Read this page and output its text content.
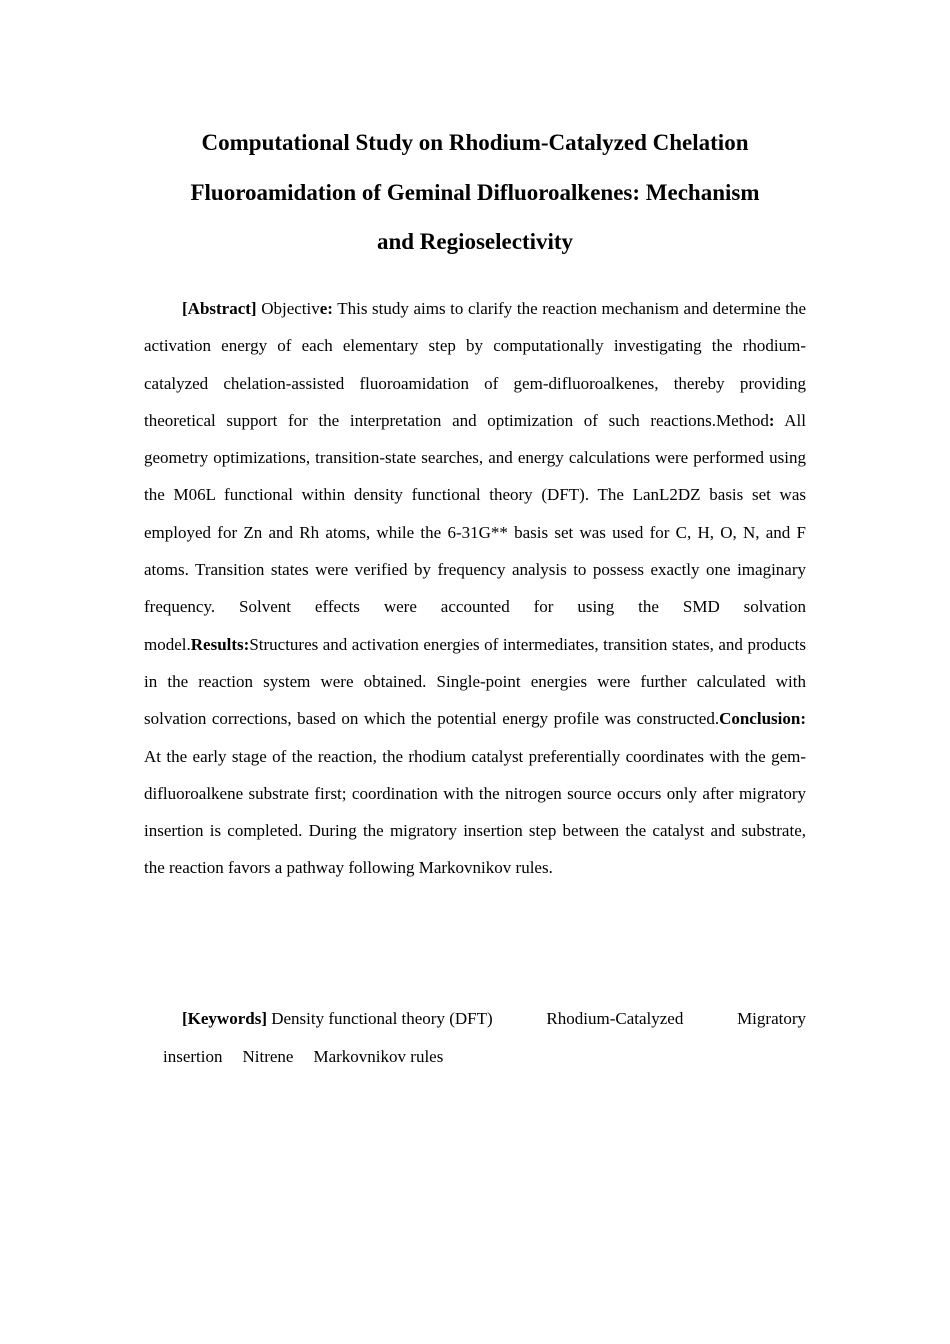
Computational Study on Rhodium-Catalyzed Chelation
Fluoroamidation of Geminal Difluoroalkenes: Mechanism
and Regioselectivity

[Abstract] Objective: This study aims to clarify the reaction mechanism and determine the activation energy of each elementary step by computationally investigating the rhodium-catalyzed chelation-assisted fluoroamidation of gem-difluoroalkenes, thereby providing theoretical support for the interpretation and optimization of such reactions.Method: All geometry optimizations, transition-state searches, and energy calculations were performed using the M06L functional within density functional theory (DFT). The LanL2DZ basis set was employed for Zn and Rh atoms, while the 6-31G** basis set was used for C, H, O, N, and F atoms. Transition states were verified by frequency analysis to possess exactly one imaginary frequency. Solvent effects were accounted for using the SMD solvation model.Results:Structures and activation energies of intermediates, transition states, and products in the reaction system were obtained. Single-point energies were further calculated with solvation corrections, based on which the potential energy profile was constructed.Conclusion: At the early stage of the reaction, the rhodium catalyst preferentially coordinates with the gem-difluoroalkene substrate first; coordination with the nitrogen source occurs only after migratory insertion is completed. During the migratory insertion step between the catalyst and substrate, the reaction favors a pathway following Markovnikov rules.

[Keywords] Density functional theory (DFT)	Rhodium-Catalyzed	Migratory
insertion Nitrene Markovnikov rules
